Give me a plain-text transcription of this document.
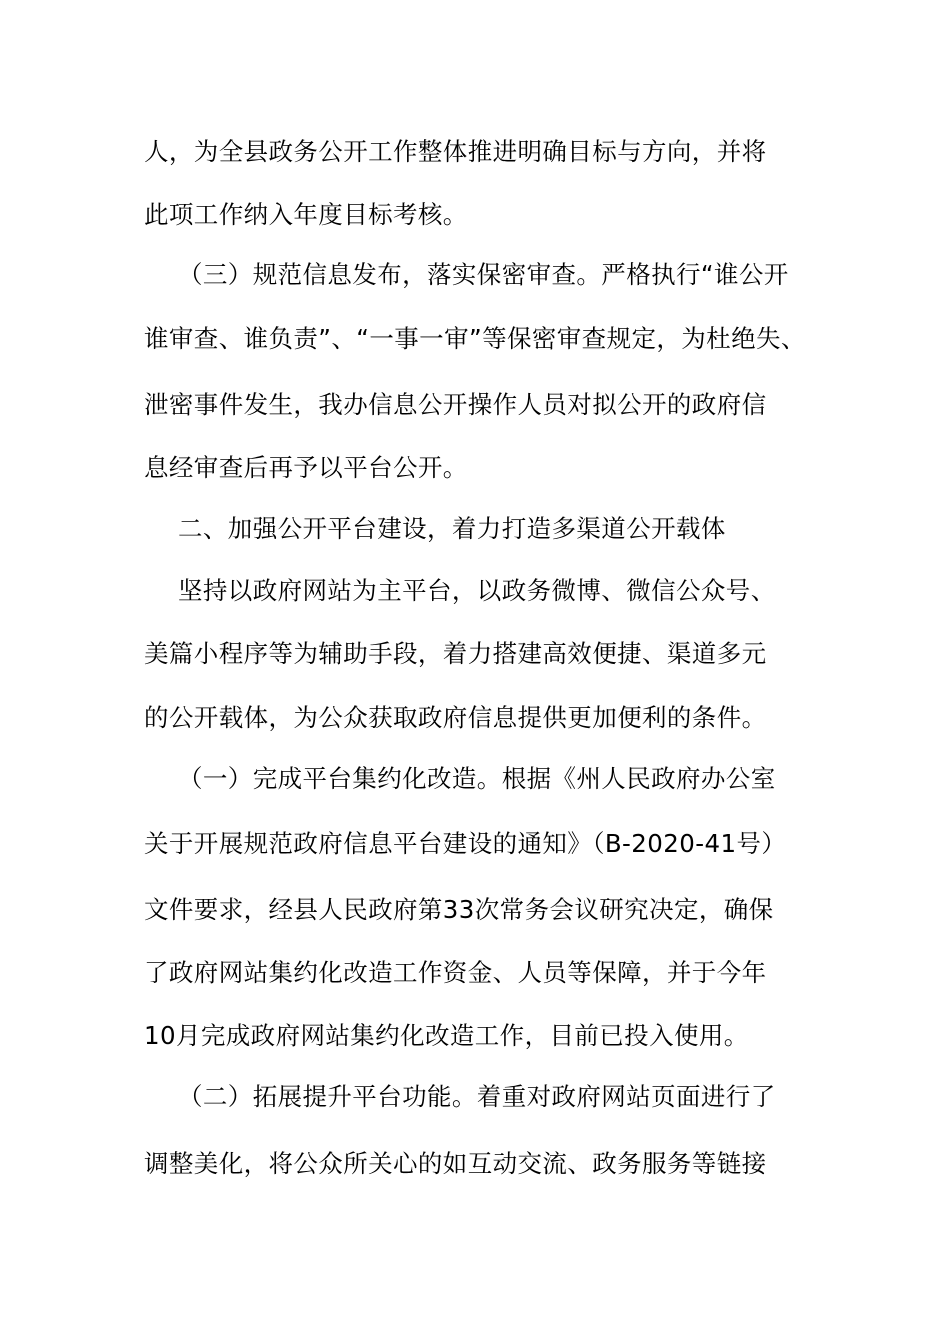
人，为全县政务公开工作整体推进明确目标与方向，并将
此项工作纳入年度目标考核。
（三）规范信息发布，落实保密审查。严格执行“谁公开
谁审查、谁负责”、“一事一审”等保密审查规定，为杜绝失、
泄密事件发生，我办信息公开操作人员对拟公开的政府信
息经审查后再予以平台公开。
二、加强公开平台建设，着力打造多渠道公开载体
坚持以政府网站为主平台，以政务微博、微信公众号、
美篇小程序等为辅助手段，着力搭建高效便捷、渠道多元
的公开载体，为公众获取政府信息提供更加便利的条件。
（一）完成平台集约化改造。根据《州人民政府办公室
关于开展规范政府信息平台建设的通知》（B-2020-41号）
文件要求，经县人民政府第33次常务会议研究决定，确保
了政府网站集约化改造工作资金、人员等保障，并于今年
10月完成政府网站集约化改造工作，目前已投入使用。
（二）拓展提升平台功能。着重对政府网站页面进行了
调整美化，将公众所关心的如互动交流、政务服务等链接
